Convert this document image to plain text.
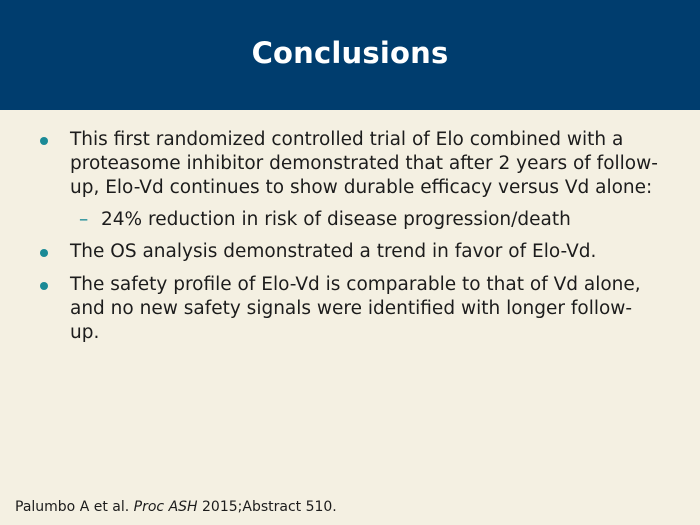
Conclusions
This first randomized controlled trial of Elo combined with a proteasome inhibitor demonstrated that after 2 years of follow-up, Elo-Vd continues to show durable efficacy versus Vd alone:
– 24% reduction in risk of disease progression/death
The OS analysis demonstrated a trend in favor of Elo-Vd.
The safety profile of Elo-Vd is comparable to that of Vd alone, and no new safety signals were identified with longer follow-up.
Palumbo A et al. Proc ASH 2015;Abstract 510.
